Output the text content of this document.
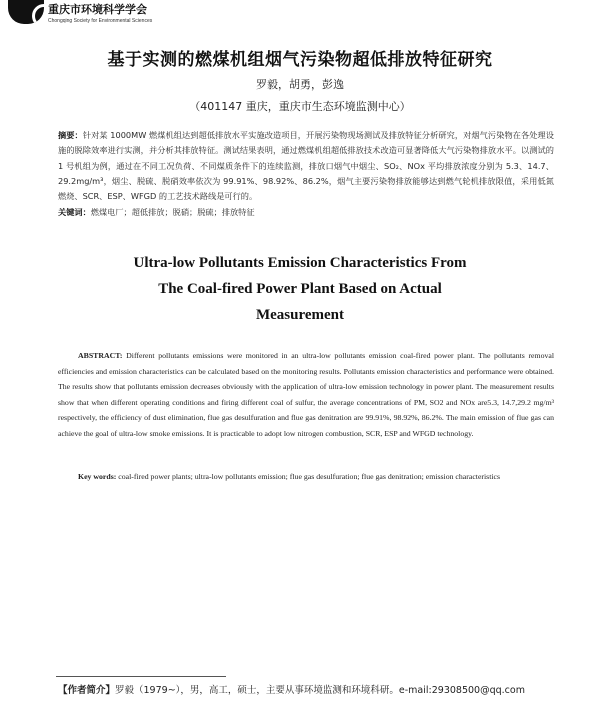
重庆市环境科学学会
Chongqing Society for Environmental Sciences
基于实测的燃煤机组烟气污染物超低排放特征研究
罗毅，胡勇，彭逸
（401147 重庆，重庆市生态环境监测中心）
摘要：针对某 1000MW 燃煤机组达到超低排放水平实施改造项目，开展污染物现场测试及排放特征分析研究，对烟气污染物在各处理设施的脱除效率进行实测，并分析其排放特征。测试结果表明，通过燃煤机组超低排放技术改造可显著降低大气污染物排放水平。以测试的 1 号机组为例，通过在不同工况负荷、不同煤质条件下的连续监测，排放口烟气中烟尘、SO₂、NOx 平均排放浓度分别为 5.3、14.7、29.2mg/m³，烟尘、脱硫、脱硝效率依次为 99.91%、98.92%、86.2%，烟气主要污染物排放能够达到燃气轮机排放限值，采用低氮燃烧、SCR、ESP、WFGD 的工艺技术路线是可行的。
关键词：燃煤电厂；超低排放；脱硝；脱硫；排放特征
Ultra-low Pollutants Emission Characteristics From
The Coal-fired Power Plant Based on Actual
Measurement
ABSTRACT: Different pollutants emissions were monitored in an ultra-low pollutants emission coal-fired power plant. The pollutants removal efficiencies and emission characteristics can be calculated based on the monitoring results. Pollutants emission characteristics and performance were obtained. The results show that pollutants emission decreases obviously with the application of ultra-low emission technology in power plant. The measurement results show that when different operating conditions and firing different coal of sulfur, the average concentrations of PM, SO2 and NOx are5.3, 14.7,29.2 mg/m³ respectively, the efficiency of dust elimination, flue gas desulfuration and flue gas denitration are 99.91%, 98.92%, 86.2%. The main emission of flue gas can achieve the goal of ultra-low smoke emissions. It is practicable to adopt low nitrogen combustion, SCR, ESP and WFGD technology.
Key words: coal-fired power plants; ultra-low pollutants emission; flue gas desulfuration; flue gas denitration; emission characteristics
【作者简介】罗毅（1979~），男，高工，硕士，主要从事环境监测和环境科研。e-mail:29308500@qq.com
